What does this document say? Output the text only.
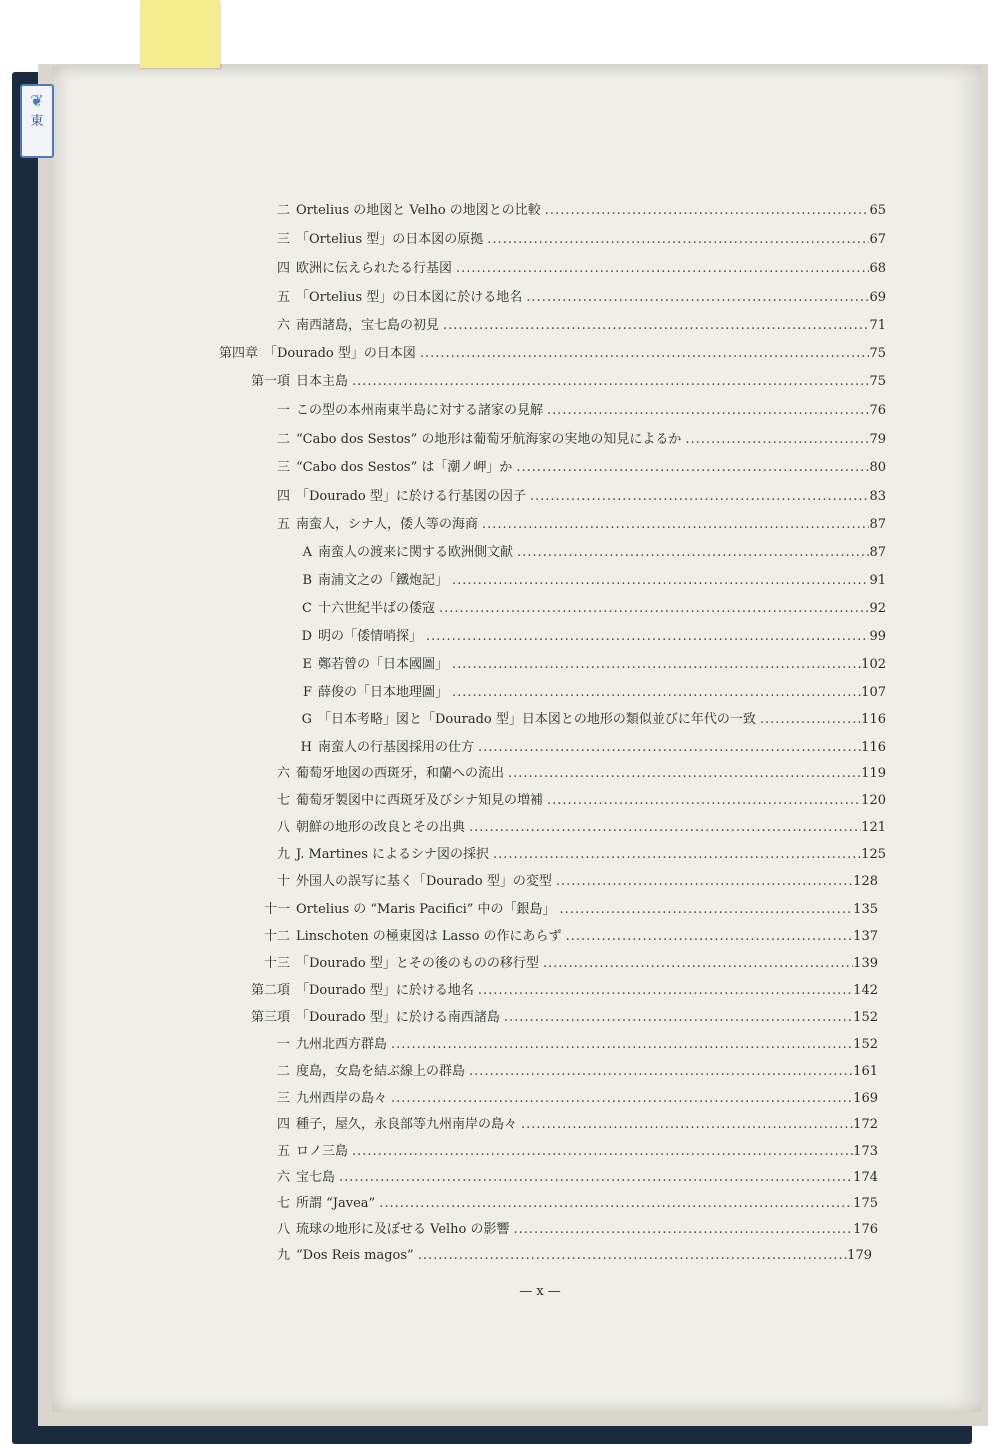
❦
東
二 Ortelius の地図と Velho の地図との比較 .....	65
三 「Ortelius 型」の日本図の原拠 .....	67
四 欧洲に伝えられたる行基図 .....	68
五 「Ortelius 型」の日本図に於ける地名 .....	69
六 南西諸島，宝七島の初見 .....	71
第四章 「Dourado 型」の日本図 .....	75
第一項 日本主島 .....	75
一 この型の本州南東半島に対する諸家の見解 .....	76
二 “Cabo dos Sestos” の地形は葡萄牙航海家の実地の知見によるか .....	79
三 “Cabo dos Sestos” は「潮ノ岬」か .....	80
四 「Dourado 型」に於ける行基図の因子 .....	83
五 南蛮人，シナ人，倭人等の海商 .....	87
A 南蛮人の渡来に関する欧洲側文献 .....	87
B 南浦文之の「鐵炮記」 .....	91
C 十六世紀半ばの倭寇 .....	92
D 明の「倭情哨探」 .....	99
E 鄭若曾の「日本國圖」 .....	102
F 薛俊の「日本地理圖」 .....	107
G 「日本考略」図と「Dourado 型」日本図との地形の類似並びに年代の一致 .....	116
H 南蛮人の行基図採用の仕方 .....	116
六 葡萄牙地図の西斑牙，和蘭への流出 .....	119
七 葡萄牙製図中に西斑牙及びシナ知見の増補 .....	120
八 朝鮮の地形の改良とその出典 .....	121
九 J. Martines によるシナ図の採択 .....	125
十 外国人の誤写に基く「Dourado 型」の変型 .....	128
十一 Ortelius の “Maris Pacifici” 中の「銀島」 .....	135
十二 Linschoten の極東図は Lasso の作にあらず .....	137
十三 「Dourado 型」とその後のものの移行型 .....	139
第二項 「Dourado 型」に於ける地名 .....	142
第三項 「Dourado 型」に於ける南西諸島 .....	152
一 九州北西方群島 .....	152
二 度島，女島を結ぶ線上の群島 .....	161
三 九州西岸の島々 .....	169
四 種子，屋久，永良部等九州南岸の島々 .....	172
五 ロノ三島 .....	173
六 宝七島 .....	174
七 所謂 “Javea” .....	175
八 琉球の地形に及ぼせる Velho の影響 .....	176
九 “Dos Reis magos” .....	179
— x —
